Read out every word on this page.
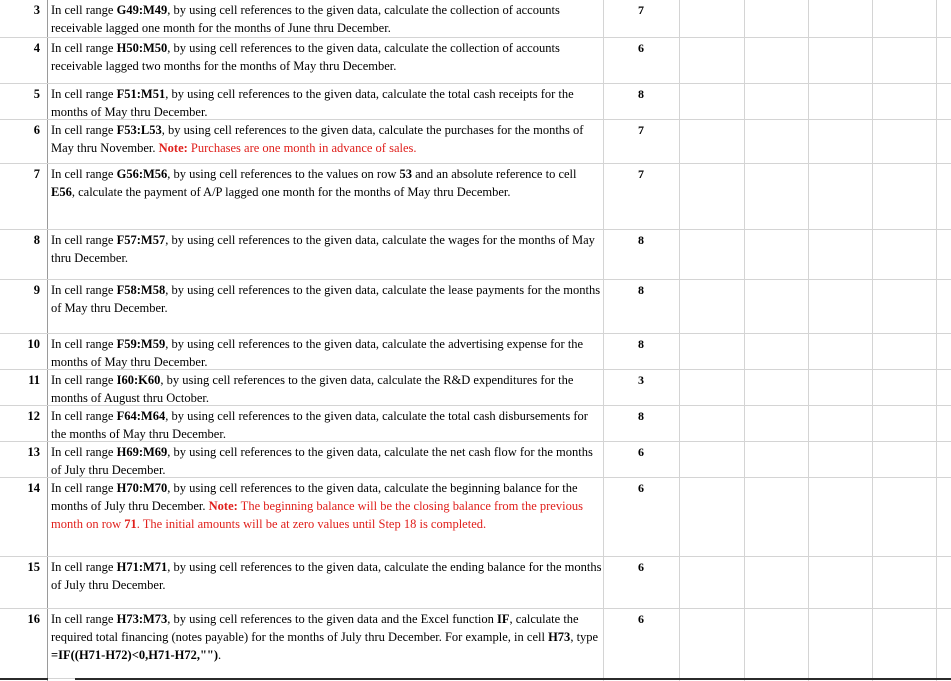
3 In cell range G49:M49, by using cell references to the given data, calculate the collection of accounts receivable lagged one month for the months of June thru December.
7
4 In cell range H50:M50, by using cell references to the given data, calculate the collection of accounts receivable lagged two months for the months of May thru December.
6
5 In cell range F51:M51, by using cell references to the given data, calculate the total cash receipts for the months of May thru December.
8
6 In cell range F53:L53, by using cell references to the given data, calculate the purchases for the months of May thru November. Note: Purchases are one month in advance of sales.
7
7 In cell range G56:M56, by using cell references to the values on row 53 and an absolute reference to cell E56, calculate the payment of A/P lagged one month for the months of May thru December.
7
8 In cell range F57:M57, by using cell references to the given data, calculate the wages for the months of May thru December.
8
9 In cell range F58:M58, by using cell references to the given data, calculate the lease payments for the months of May thru December.
8
10 In cell range F59:M59, by using cell references to the given data, calculate the advertising expense for the months of May thru December.
8
11 In cell range I60:K60, by using cell references to the given data, calculate the R&D expenditures for the months of August thru October.
3
12 In cell range F64:M64, by using cell references to the given data, calculate the total cash disbursements for the months of May thru December.
8
13 In cell range H69:M69, by using cell references to the given data, calculate the net cash flow for the months of July thru December.
6
14 In cell range H70:M70, by using cell references to the given data, calculate the beginning balance for the months of July thru December. Note: The beginning balance will be the closing balance from the previous month on row 71. The initial amounts will be at zero values until Step 18 is completed.
6
15 In cell range H71:M71, by using cell references to the given data, calculate the ending balance for the months of July thru December.
6
16 In cell range H73:M73, by using cell references to the given data and the Excel function IF, calculate the required total financing (notes payable) for the months of July thru December. For example, in cell H73, type =IF((H71-H72)<0,H71-H72,"").
6
